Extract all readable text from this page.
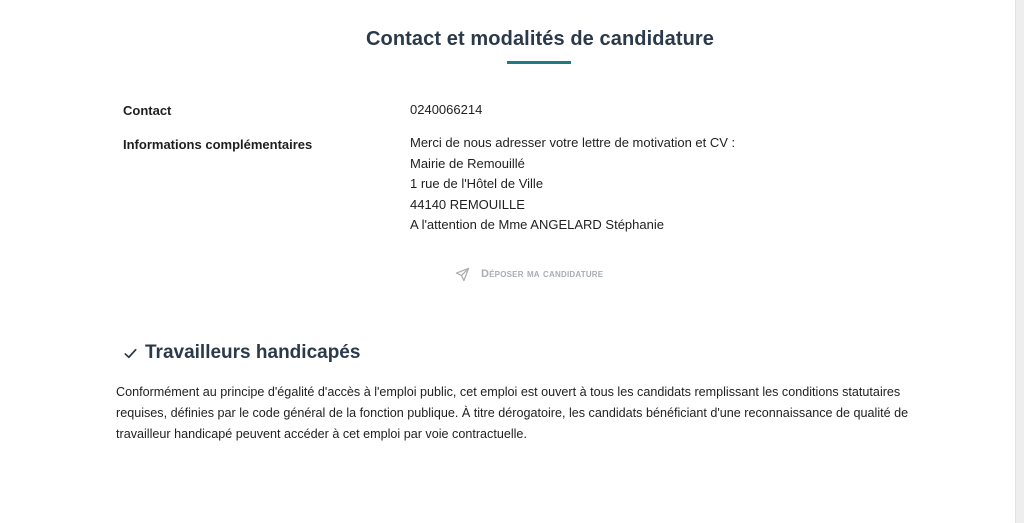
Contact et modalités de candidature
Contact	0240066214
Informations complémentaires	Merci de nous adresser votre lettre de motivation et CV :
Mairie de Remouillé
1 rue de l'Hôtel de Ville
44140 REMOUILLE
A l'attention de Mme ANGELARD Stéphanie
Déposer ma candidature
Travailleurs handicapés
Conformément au principe d'égalité d'accès à l'emploi public, cet emploi est ouvert à tous les candidats remplissant les conditions statutaires
requises, définies par le code général de la fonction publique. À titre dérogatoire, les candidats bénéficiant d'une reconnaissance de qualité de
travailleur handicapé peuvent accéder à cet emploi par voie contractuelle.
